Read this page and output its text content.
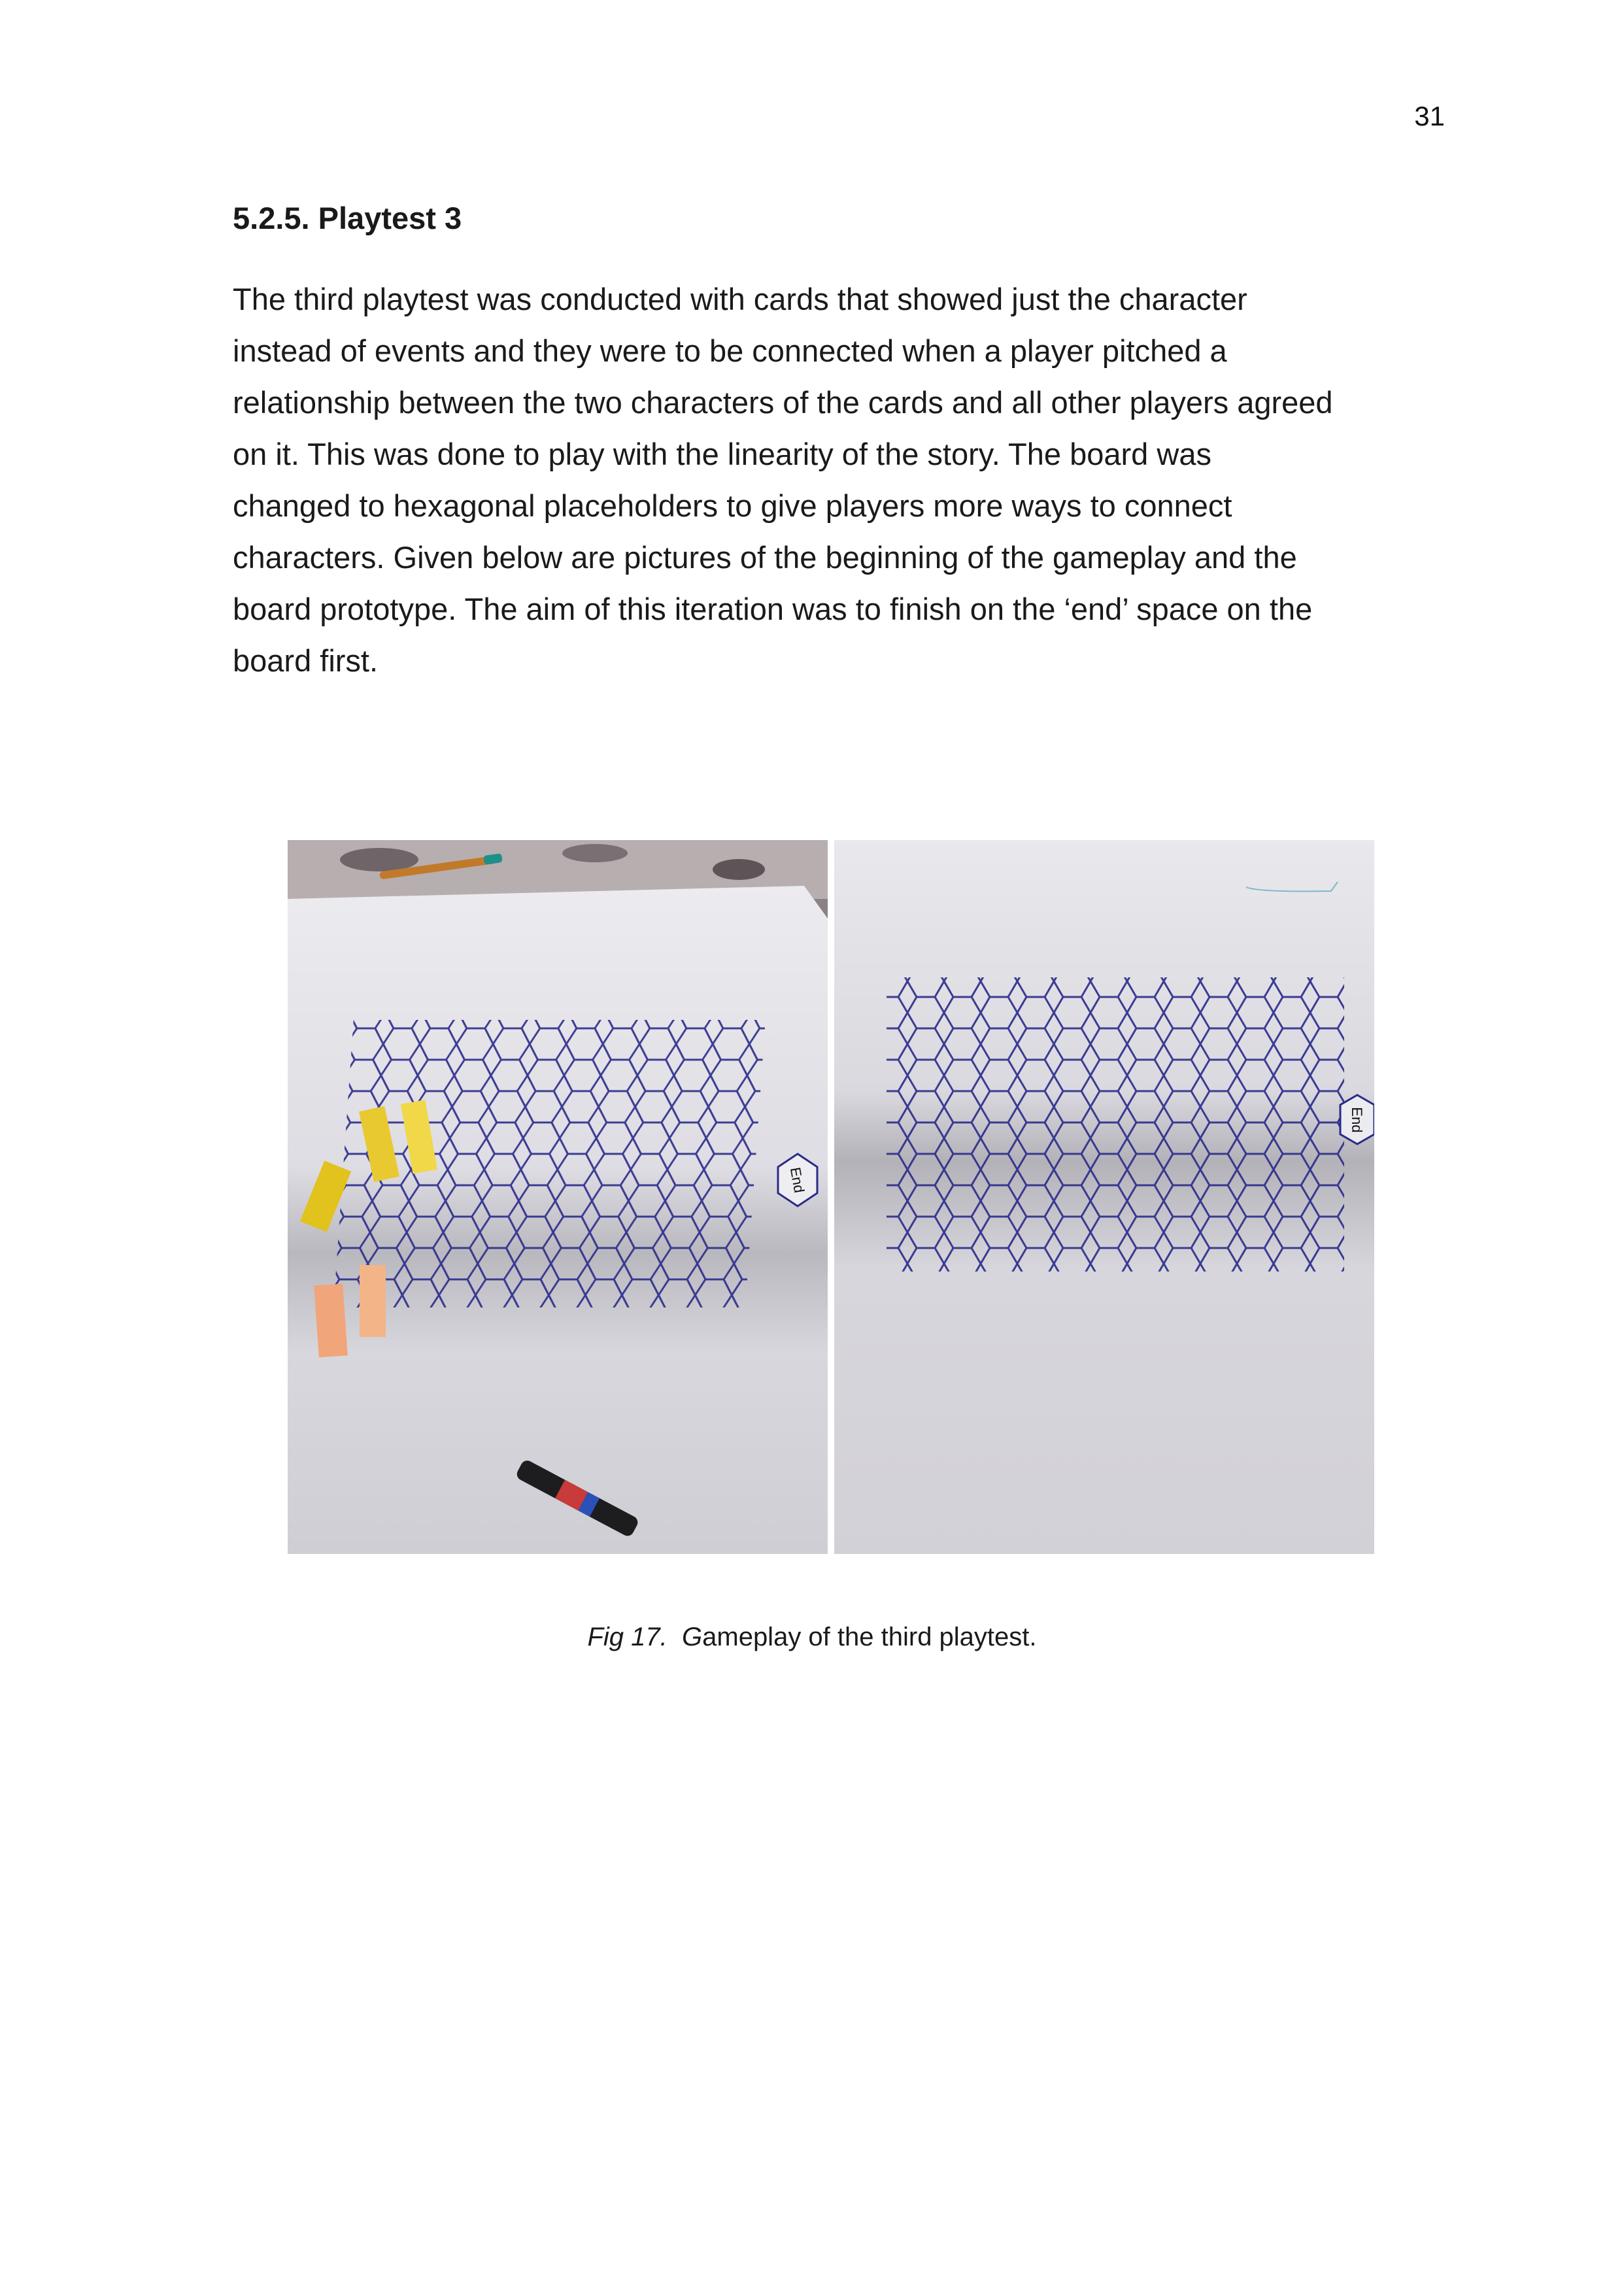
31
5.2.5. Playtest 3

The third playtest was conducted with cards that showed just the character
instead of events and they were to be connected when a player pitched a
relationship between the two characters of the cards and all other players agreed
on it. This was done to play with the linearity of the story. The board was
changed to hexagonal placeholders to give players more ways to connect
characters. Given below are pictures of the beginning of the gameplay and the
board prototype. The aim of this iteration was to finish on the ‘end’ space on the
board first.

End
End
Fig 17. Gameplay of the third playtest.
